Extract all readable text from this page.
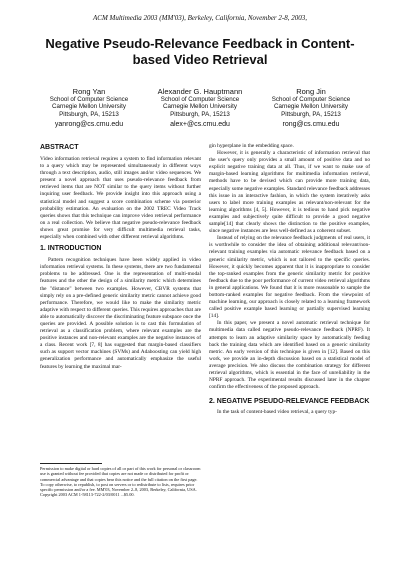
ACM Multimedia 2003 (MM'03), Berkeley, California, November 2-8, 2003,
Negative Pseudo-Relevance Feedback in Content-based Video Retrieval
Rong Yan
School of Computer Science
Carnegie Mellon University
Pittsburgh, PA, 15213
yanrong@cs.cmu.edu
Alexander G. Hauptmann
School of Computer Science
Carnegie Mellon University
Pittsburgh, PA, 15213
alex+@cs.cmu.edu
Rong Jin
School of Computer Science
Carnegie Mellon University
Pittsburgh, PA, 15213
rong@cs.cmu.edu
ABSTRACT

Video information retrieval requires a system to find information relevant to a query which may be represented simultaneously in different ways through a text description, audio, still images and/or video sequences. We present a novel approach that uses pseudo-relevance feedback from retrieved items that are NOT similar to the query items without further inquiring user feedback. We provide insight into this approach using a statistical model and suggest a score combination scheme via posterior probability estimation. An evaluation on the 2002 TREC Video Track queries shows that this technique can improve video retrieval performance on a real collection. We believe that negative pseudo-relevance feedback shows great promise for very difficult multimedia retrieval tasks, especially when combined with other different retrieval algorithms.

1. INTRODUCTION

Pattern recognition techniques have been widely applied in video information retrieval systems. In these systems, there are two fundamental problems to be addressed. One is the representation of multi-modal features and the other the design of a similarity metric which determines the "distance" between two examples. However, CBVR systems that simply rely on a pre-defined generic similarity metric cannot achieve good performance. Therefore, we would like to make the similarity metric adaptive with respect to different queries. This requires approaches that are able to automatically discover the discriminating feature subspace once the queries are provided. A possible solution is to cast this formulation of retrieval as a classification problem, where relevant examples are the positive instances and non-relevant examples are the negative instances of a class. Recent work [7, 8] has suggested that margin-based classifiers such as support vector machines (SVMs) and Adaboosting can yield high generalization performance and automatically emphasize the useful features by learning the maximal mar-

Permission to make digital or hard copies of all or part of this work for personal or classroom use is granted without fee provided that copies are not made or distributed for profit or commercial advantage and that copies bear this notice and the full citation on the first page. To copy otherwise, to republish, to post on servers or to redistribute to lists, requires prior specific permission and/or a fee. MM'03, November 2–8, 2003, Berkeley, California, USA. Copyright 2003 ACM 1-58113-722-2/03/0011 ...$5.00.

gin hyperplane in the embedding space.

However, it is generally a characteristic of information retrieval that the user's query only provides a small amount of positive data and no explicit negative training data at all. Thus, if we want to make use of margin-based learning algorithms for multimedia information retrieval, methods have to be devised which can provide more training data, especially some negative examples. Standard relevance feedback addresses this issue in an interactive fashion, in which the system iteratively asks users to label more training examples as relevant/non-relevant for the learning algorithms [4, 5]. However, it is tedious to hand pick negative examples and subjectively quite difficult to provide a good negative sample[14] that clearly shows the distinction to the positive examples, since negative instances are less well-defined as a coherent subset.

Instead of relying on the relevance feedback judgments of real users, it is worthwhile to consider the idea of obtaining additional relevant/non-relevant training examples via automatic relevance feedback based on a generic similarity metric, which is not tailored to the specific queries. However, it quickly becomes apparent that it is inappropriate to consider the top-ranked examples from the generic similarity metric for positive feedback due to the poor performance of current video retrieval algorithms in general applications. We found that it is more reasonable to sample the bottom-ranked examples for negative feedback. From the viewpoint of machine learning, our approach is closely related to a learning framework called positive example based learning or partially supervised learning [14].

In this paper, we present a novel automatic retrieval technique for multimedia data called negative pseudo-relevance feedback (NPRF). It attempts to learn an adaptive similarity space by automatically feeding back the training data which are identified based on a generic similarity metric. An early version of this technique is given in [12]. Based on this work, we provide an in-depth discussion based on a statistical model of average precision. We also discuss the combination strategy for different retrieval algorithms, which is essential in the face of unreliability in the NPRF approach. The experimental results discussed later in the chapter confirm the effectiveness of the proposed approach.

2. NEGATIVE PSEUDO-RELEVANCE FEEDBACK

In the task of content-based video retrieval, a query typ-
